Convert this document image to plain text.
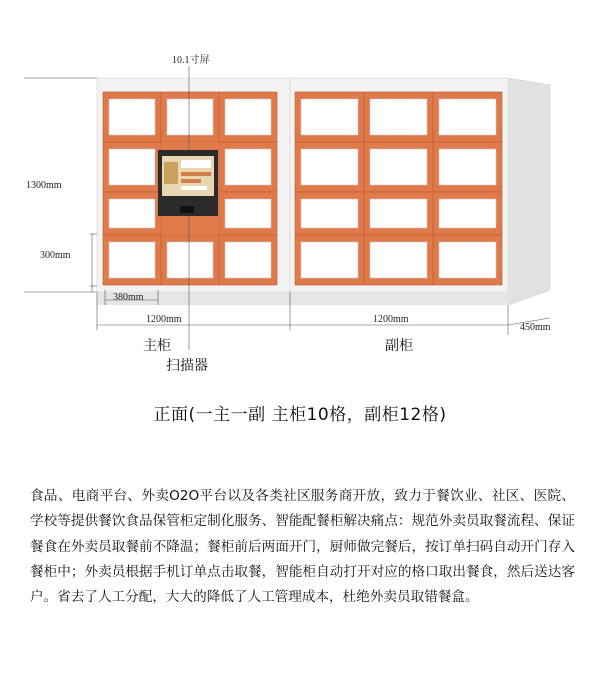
10.1寸屏
1300mm
300mm
380mm
1200mm	1200mm
450mm
主柜	副柜
扫描器
正面(一主一副 主柜10格，副柜12格)

食品、电商平台、外卖O2O平台以及各类社区服务商开放，致力于餐饮业、社区、医院、学校等提供餐饮食品保管柜定制化服务、智能配餐柜解决痛点：规范外卖员取餐流程、保证餐食在外卖员取餐前不降温；餐柜前后两面开门，厨师做完餐后，按订单扫码自动开门存入餐柜中；外卖员根据手机订单点击取餐，智能柜自动打开对应的格口取出餐食，然后送达客户。省去了人工分配，大大的降低了人工管理成本，杜绝外卖员取错餐盒。
